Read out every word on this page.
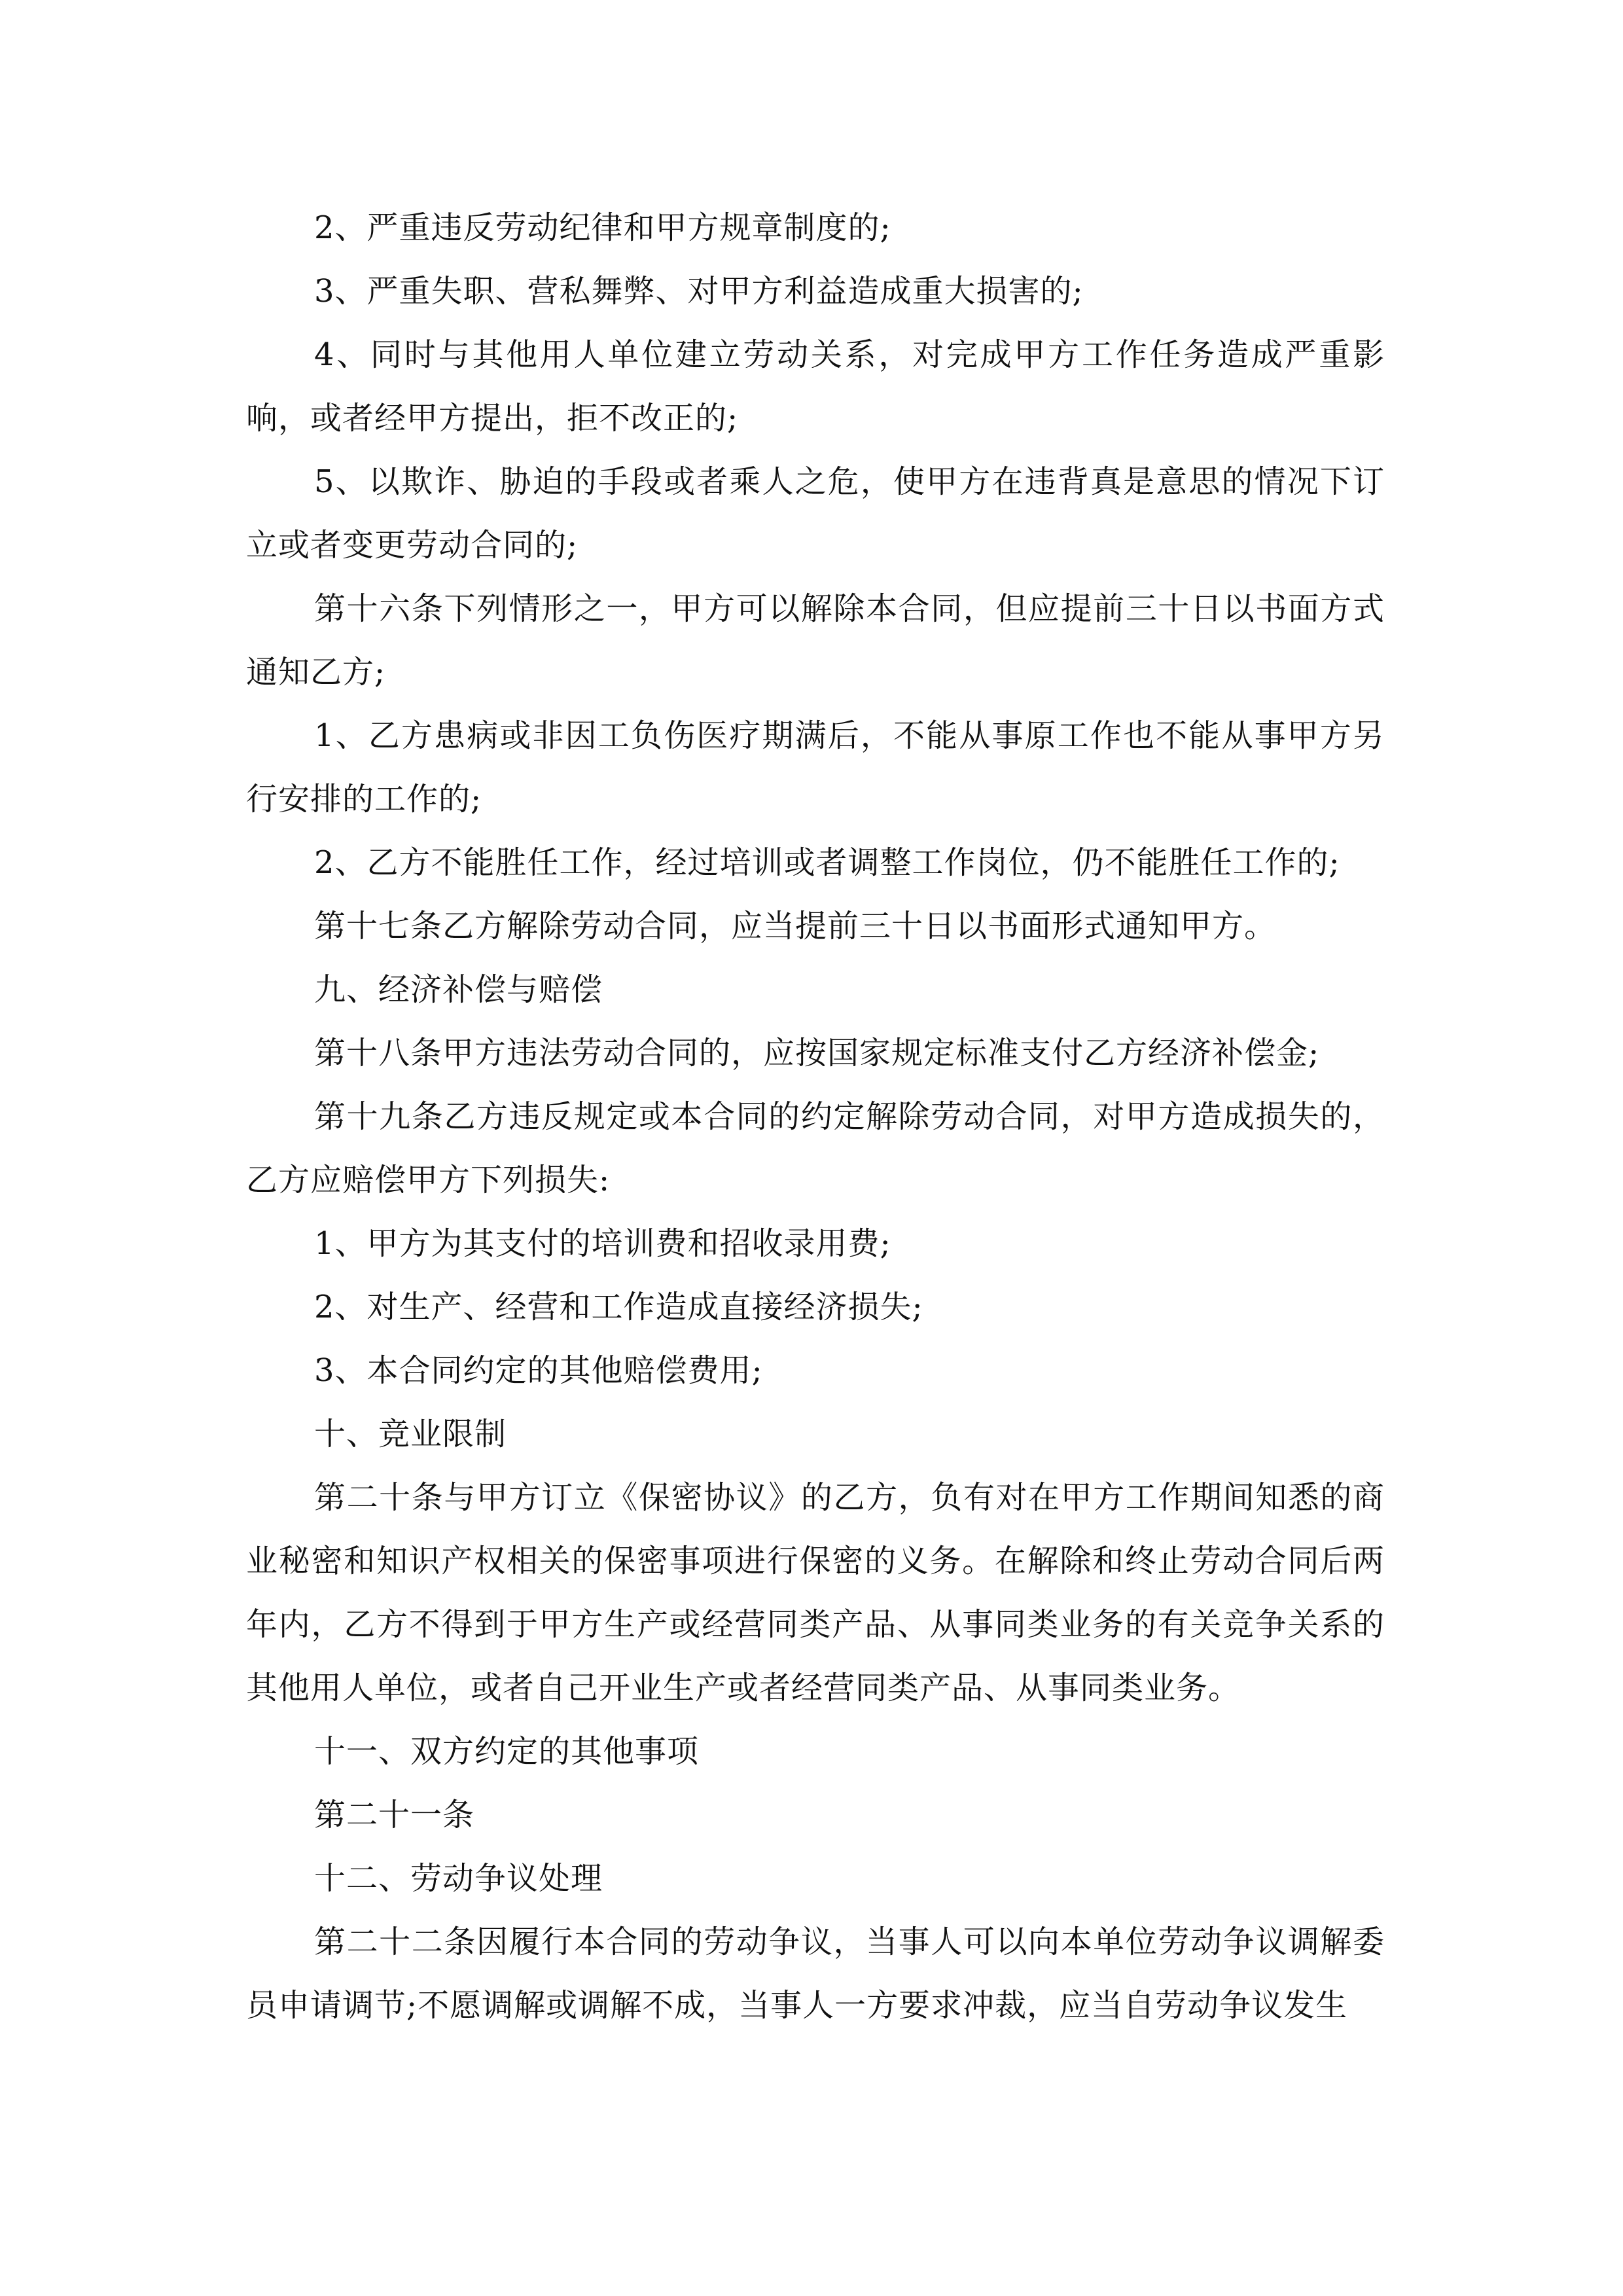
2、严重违反劳动纪律和甲方规章制度的;

3、严重失职、营私舞弊、对甲方利益造成重大损害的;

4、同时与其他用人单位建立劳动关系，对完成甲方工作任务造成严重影响，或者经甲方提出，拒不改正的;

5、以欺诈、胁迫的手段或者乘人之危，使甲方在违背真是意思的情况下订立或者变更劳动合同的;

第十六条下列情形之一，甲方可以解除本合同，但应提前三十日以书面方式通知乙方;

1、乙方患病或非因工负伤医疗期满后，不能从事原工作也不能从事甲方另行安排的工作的;

2、乙方不能胜任工作，经过培训或者调整工作岗位，仍不能胜任工作的;

第十七条乙方解除劳动合同，应当提前三十日以书面形式通知甲方。

九、经济补偿与赔偿

第十八条甲方违法劳动合同的，应按国家规定标准支付乙方经济补偿金;

第十九条乙方违反规定或本合同的约定解除劳动合同，对甲方造成损失的，乙方应赔偿甲方下列损失:

1、甲方为其支付的培训费和招收录用费;

2、对生产、经营和工作造成直接经济损失;

3、本合同约定的其他赔偿费用;

十、竞业限制

第二十条与甲方订立《保密协议》的乙方，负有对在甲方工作期间知悉的商业秘密和知识产权相关的保密事项进行保密的义务。在解除和终止劳动合同后两年内，乙方不得到于甲方生产或经营同类产品、从事同类业务的有关竞争关系的其他用人单位，或者自己开业生产或者经营同类产品、从事同类业务。

十一、双方约定的其他事项

第二十一条

十二、劳动争议处理

第二十二条因履行本合同的劳动争议，当事人可以向本单位劳动争议调解委员申请调节;不愿调解或调解不成，当事人一方要求冲裁，应当自劳动争议发生
